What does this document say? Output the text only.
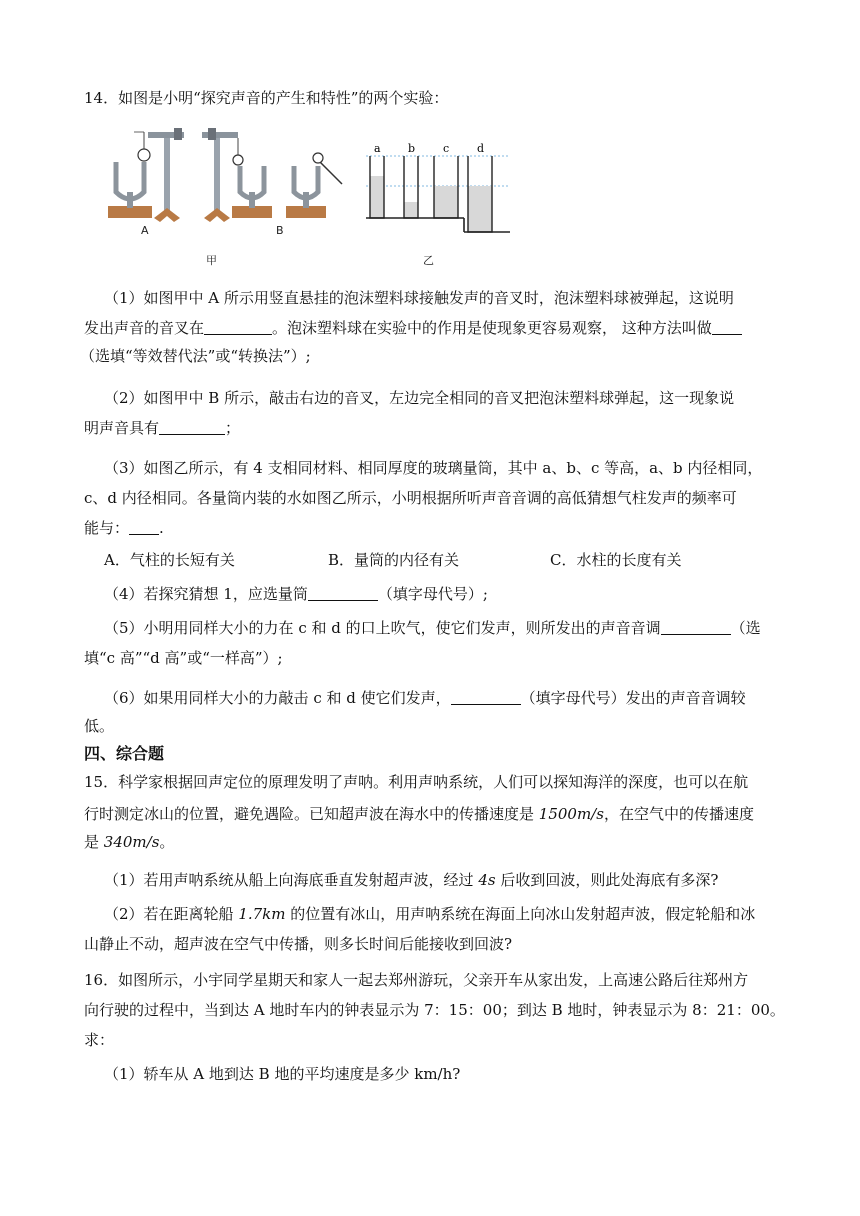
14．如图是小明“探究声音的产生和特性”的两个实验：
A	B
甲
a b	c	d
乙
（1）如图甲中 A 所示用竖直悬挂的泡沫塑料球接触发声的音叉时，泡沫塑料球被弹起，这说明
发出声音的音叉在	。泡沫塑料球在实验中的作用是使现象更容易观察， 这种方法叫做
（选填“等效替代法”或“转换法”）;
（2）如图甲中 B 所示，敲击右边的音叉，左边完全相同的音叉把泡沫塑料球弹起，这一现象说
明声音具有	；
（3）如图乙所示，有 4 支相同材料、相同厚度的玻璃量筒，其中 a、b、c 等高，a、b 内径相同，
c、d 内径相同。各量筒内装的水如图乙所示，小明根据所听声音音调的高低猜想气柱发声的频率可
能与： .
A．气柱的长短有关	B．量筒的内径有关	C．水柱的长度有关
（4）若探究猜想 1，应选量筒	（填字母代号）;
（5）小明用同样大小的力在 c 和 d 的口上吹气，使它们发声，则所发出的声音音调	（选
填“c 高”“d 高”或“一样高”）;
（6）如果用同样大小的力敲击 c 和 d 使它们发声，	（填字母代号）发出的声音音调较
低。
四、综合题
15．科学家根据回声定位的原理发明了声呐。利用声呐系统，人们可以探知海洋的深度，也可以在航
行时测定冰山的位置，避免遇险。已知超声波在海水中的传播速度是 1500m/s，在空气中的传播速度
是 340m/s。
（1）若用声呐系统从船上向海底垂直发射超声波，经过 4s 后收到回波，则此处海底有多深?
（2）若在距离轮船 1.7km 的位置有冰山，用声呐系统在海面上向冰山发射超声波，假定轮船和冰
山静止不动，超声波在空气中传播，则多长时间后能接收到回波?
16．如图所示，小宇同学星期天和家人一起去郑州游玩，父亲开车从家出发，上高速公路后往郑州方
向行驶的过程中，当到达 A 地时车内的钟表显示为 7：15：00；到达 B 地时，钟表显示为 8：21：00。
求：
（1）轿车从 A 地到达 B 地的平均速度是多少 km/h?
